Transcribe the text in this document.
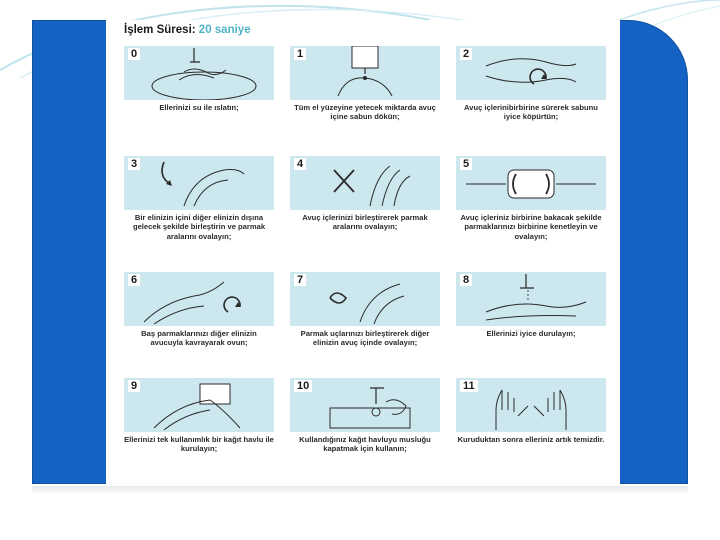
İşlem Süresi: 20 saniye
0
Ellerinizi su ile ıslatın;
1
Tüm el yüzeyine yetecek miktarda avuç içine sabun dökün;
2
Avuç içlerinibirbirine sürerek sabunu iyice köpürtün;
3
Bir elinizin içini diğer elinizin dışına gelecek şekilde birleştirin ve parmak aralarını ovalayın;
4
Avuç içlerinizi birleştirerek parmak aralarını ovalayın;
5
Avuç içleriniz birbirine bakacak şekilde parmaklarınızı birbirine kenetleyin ve ovalayın;
6
Baş parmaklarınızı diğer elinizin avucuyla kavrayarak ovun;
7
Parmak uçlarınızı birleştirerek diğer elinizin avuç içinde ovalayın;
8
Ellerinizi iyice durulayın;
9
Ellerinizi tek kullanımlık bir kağıt havlu ile kurulayın;
10
Kullandığınız kağıt havluyu musluğu kapatmak için kullanın;
11
Kuruduktan sonra elleriniz artık temizdir.
